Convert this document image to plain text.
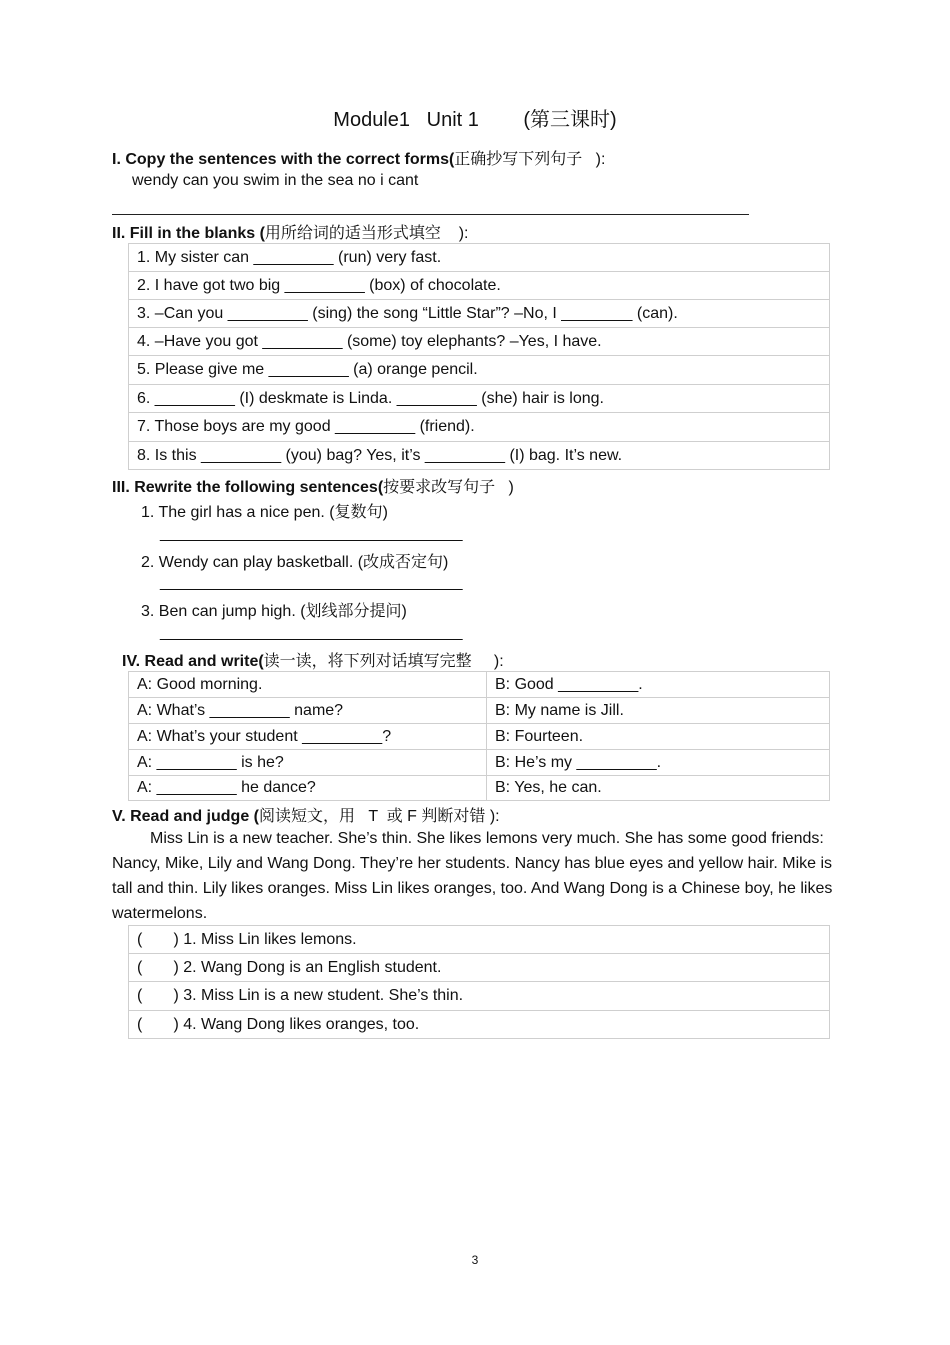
Module1   Unit 1        (第三课时)
I. Copy the sentences with the correct forms(正确抄写下列句子   ):
wendy can you swim in the sea no i cant
II. Fill in the blanks (用所给词的适当形式填空    ):
1. My sister can _________ (run) very fast.
2. I have got two big _________ (box) of chocolate.
3. –Can you _________ (sing) the song “Little Star”? –No, I ________ (can).
4. –Have you got _________ (some) toy elephants? –Yes, I have.
5. Please give me _________ (a) orange pencil.
6. _________ (I) deskmate is Linda. _________ (she) hair is long.
7. Those boys are my good _________ (friend).
8. Is this _________ (you) bag? Yes, it’s _________ (I) bag. It’s new.
III. Rewrite the following sentences(按要求改写句子   )
1. The girl has a nice pen. (复数句)
__________________________________
2. Wendy can play basketball. (改成否定句)
__________________________________
3. Ben can jump high. (划线部分提问)
__________________________________
IV. Read and write(读一读，将下列对话填写完整     ):
A: Good morning.	B: Good _________.
A: What’s _________ name?	B: My name is Jill.
A: What’s your student _________?	B: Fourteen.
A: _________ is he?	B: He’s my _________.
A: _________ he dance?	B: Yes, he can.
V. Read and judge (阅读短文，用   T  或 F 判断对错 ):
Miss Lin is a new teacher. She’s thin. She likes lemons very much. She has some good friends: Nancy, Mike, Lily and Wang Dong. They’re her students. Nancy has blue eyes and yellow hair. Mike is tall and thin. Lily likes oranges. Miss Lin likes oranges, too. And Wang Dong is a Chinese boy, he likes watermelons.
(       ) 1. Miss Lin likes lemons.
(       ) 2. Wang Dong is an English student.
(       ) 3. Miss Lin is a new student. She’s thin.
(       ) 4. Wang Dong likes oranges, too.
3
